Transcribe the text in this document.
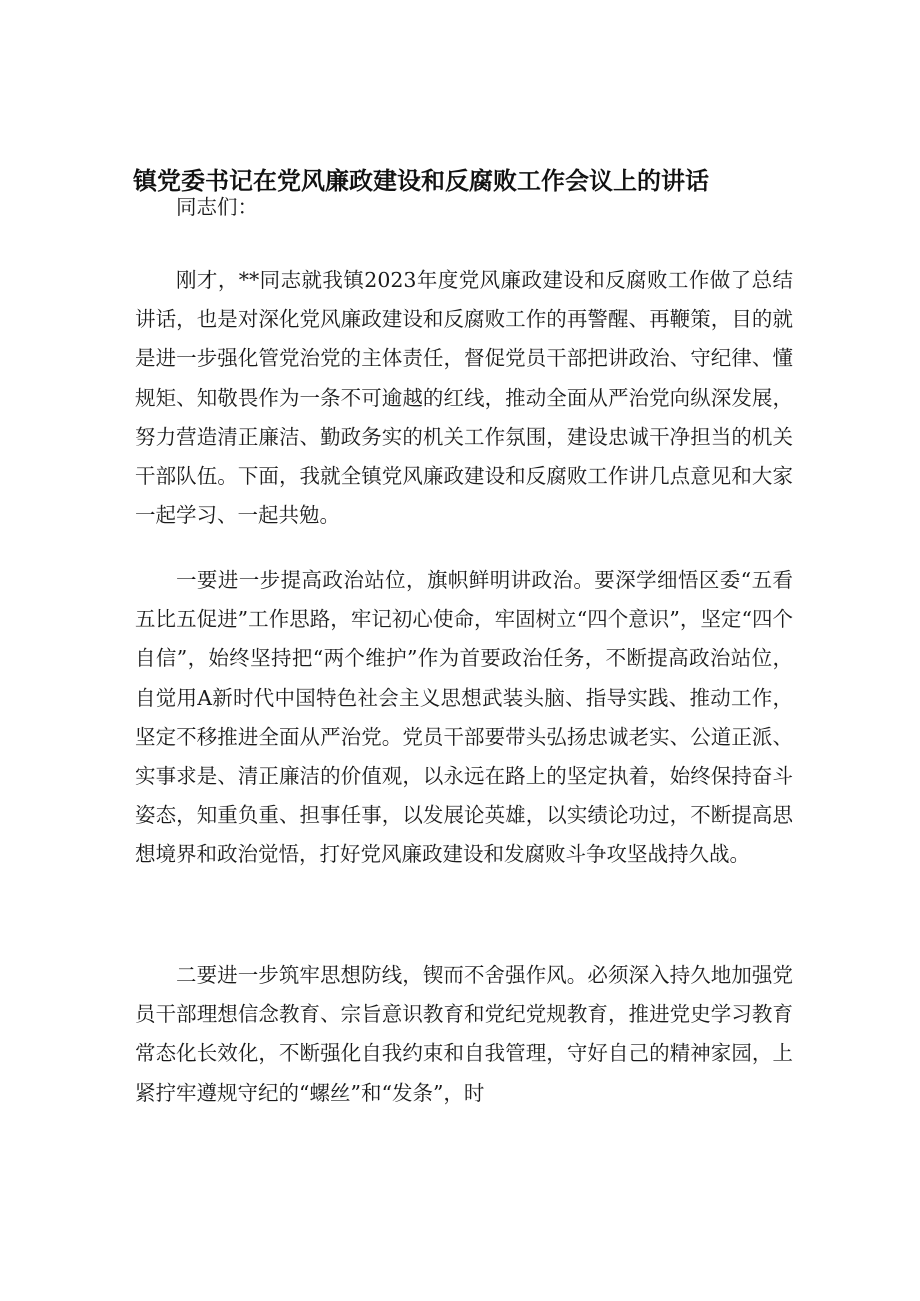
镇党委书记在党风廉政建设和反腐败工作会议上的讲话

同志们：

刚才，**同志就我镇2023年度党风廉政建设和反腐败工作做了总结讲话，也是对深化党风廉政建设和反腐败工作的再警醒、再鞭策，目的就是进一步强化管党治党的主体责任，督促党员干部把讲政治、守纪律、懂规矩、知敬畏作为一条不可逾越的红线，推动全面从严治党向纵深发展，努力营造清正廉洁、勤政务实的机关工作氛围，建设忠诚干净担当的机关干部队伍。下面，我就全镇党风廉政建设和反腐败工作讲几点意见和大家一起学习、一起共勉。

一要进一步提高政治站位，旗帜鲜明讲政治。要深学细悟区委“五看五比五促进”工作思路，牢记初心使命，牢固树立“四个意识”，坚定“四个自信”，始终坚持把“两个维护”作为首要政治任务，不断提高政治站位，自觉用A新时代中国特色社会主义思想武装头脑、指导实践、推动工作，坚定不移推进全面从严治党。党员干部要带头弘扬忠诚老实、公道正派、实事求是、清正廉洁的价值观，以永远在路上的坚定执着，始终保持奋斗姿态，知重负重、担事任事，以发展论英雄，以实绩论功过，不断提高思想境界和政治觉悟，打好党风廉政建设和发腐败斗争攻坚战持久战。

二要进一步筑牢思想防线，锲而不舍强作风。必须深入持久地加强党员干部理想信念教育、宗旨意识教育和党纪党规教育，推进党史学习教育常态化长效化，不断强化自我约束和自我管理，守好自己的精神家园，上紧拧牢遵规守纪的“螺丝”和“发条”，时
